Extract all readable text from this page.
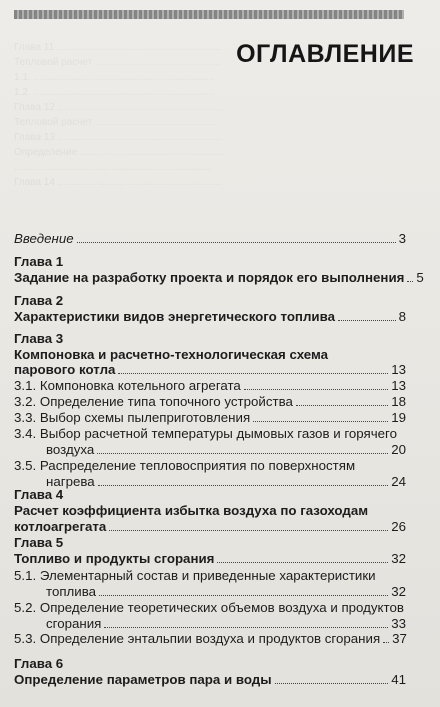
Глава 11 ...........................................................
Тепловой расчет .............................................
1.1. .................................................................
1.2. .................................................................
Глава 12 ...........................................................
Тепловой расчет ............................................
Глава 13 ...........................................................
Определение ....................................................
.......................................................................
Глава 14 ...........................................................
ОГЛАВЛЕНИЕ
Введение	3
Глава 1
Задание на разработку проекта и порядок его выполнения 5
Глава 2
Характеристики видов энергетического топлива	8
Глава 3
Компоновка и расчетно-технологическая схема
парового котла	13
3.1. Компоновка котельного агрегата	13
3.2. Определение типа топочного устройства	18
3.3. Выбор схемы пылеприготовления	19
3.4. Выбор расчетной температуры дымовых газов и горячего
воздуха	20
3.5. Распределение тепловосприятия по поверхностям
нагрева	24
Глава 4
Расчет коэффициента избытка воздуха по газоходам
котлоагрегата	26
Глава 5
Топливо и продукты сгорания	32
5.1. Элементарный состав и приведенные характеристики
топлива	32
5.2. Определение теоретических объемов воздуха и продуктов
сгорания	33
5.3. Определение энтальпии воздуха и продуктов сгорания 37
Глава 6
Определение параметров пара и воды	41
